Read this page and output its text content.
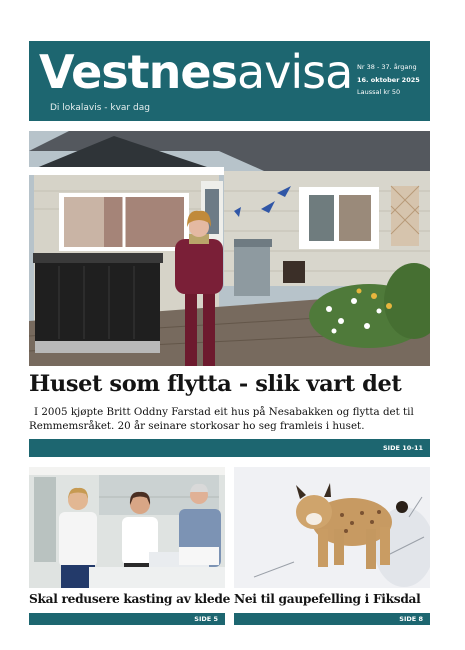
Vestnesavisa
Di lokalavis - kvar dag
Nr 38 - 37. årgang
16. oktober 2025
Laussal kr 50
Huset som flytta - slik vart det
I 2005 kjøpte Britt Oddny Farstad eit hus på Nesabakken og flytta det til Remmemsråket. 20 år seinare storkosar ho seg framleis i huset.
SIDE 10-11
Skal redusere kasting av klede Nei til gaupefelling i Fiksdal
SIDE 5	SIDE 8
